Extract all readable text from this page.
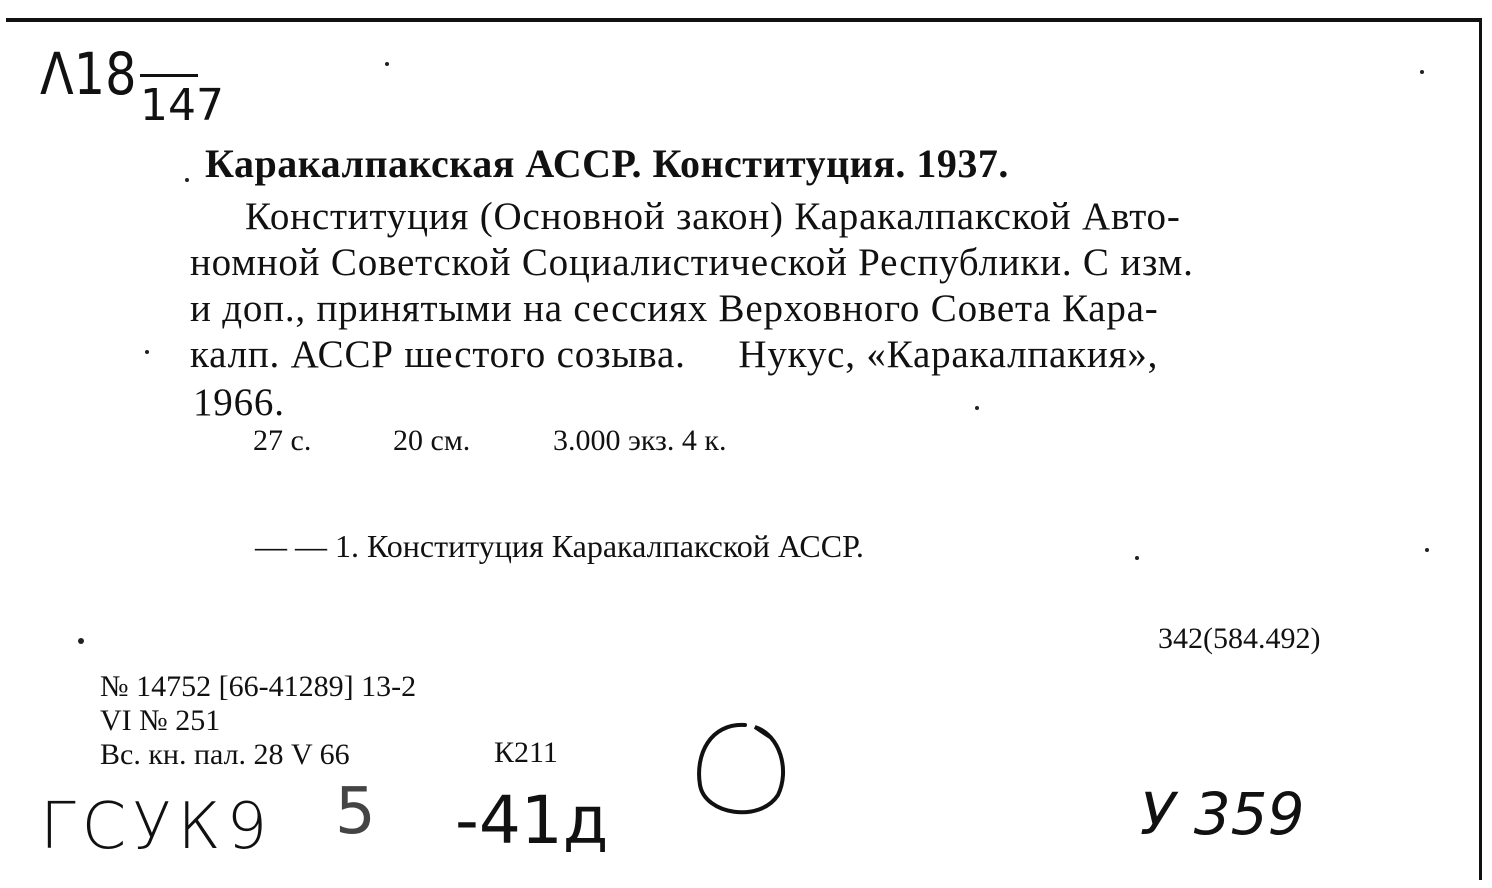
Λ18 147
Каракалпакская АССР. Конституция. 1937.
Конституция (Основной закон) Каракалпакской Авто-
номной Советской Социалистической Республики. С изм.
и доп., принятыми на сессиях Верховного Совета Кара-
калп. АССР шестого созыва.     Нукус, «Каракалпакия»,
1966.
27 с.	20 см.	3.000 экз. 4 к.
— — 1. Конституция Каракалпакской АССР.
342(584.492)
№ 14752 [66-41289] 13-2
VI № 251
Вс. кн. пал. 28 V 66	К211
ГСУК9 5 -41д	У 359
